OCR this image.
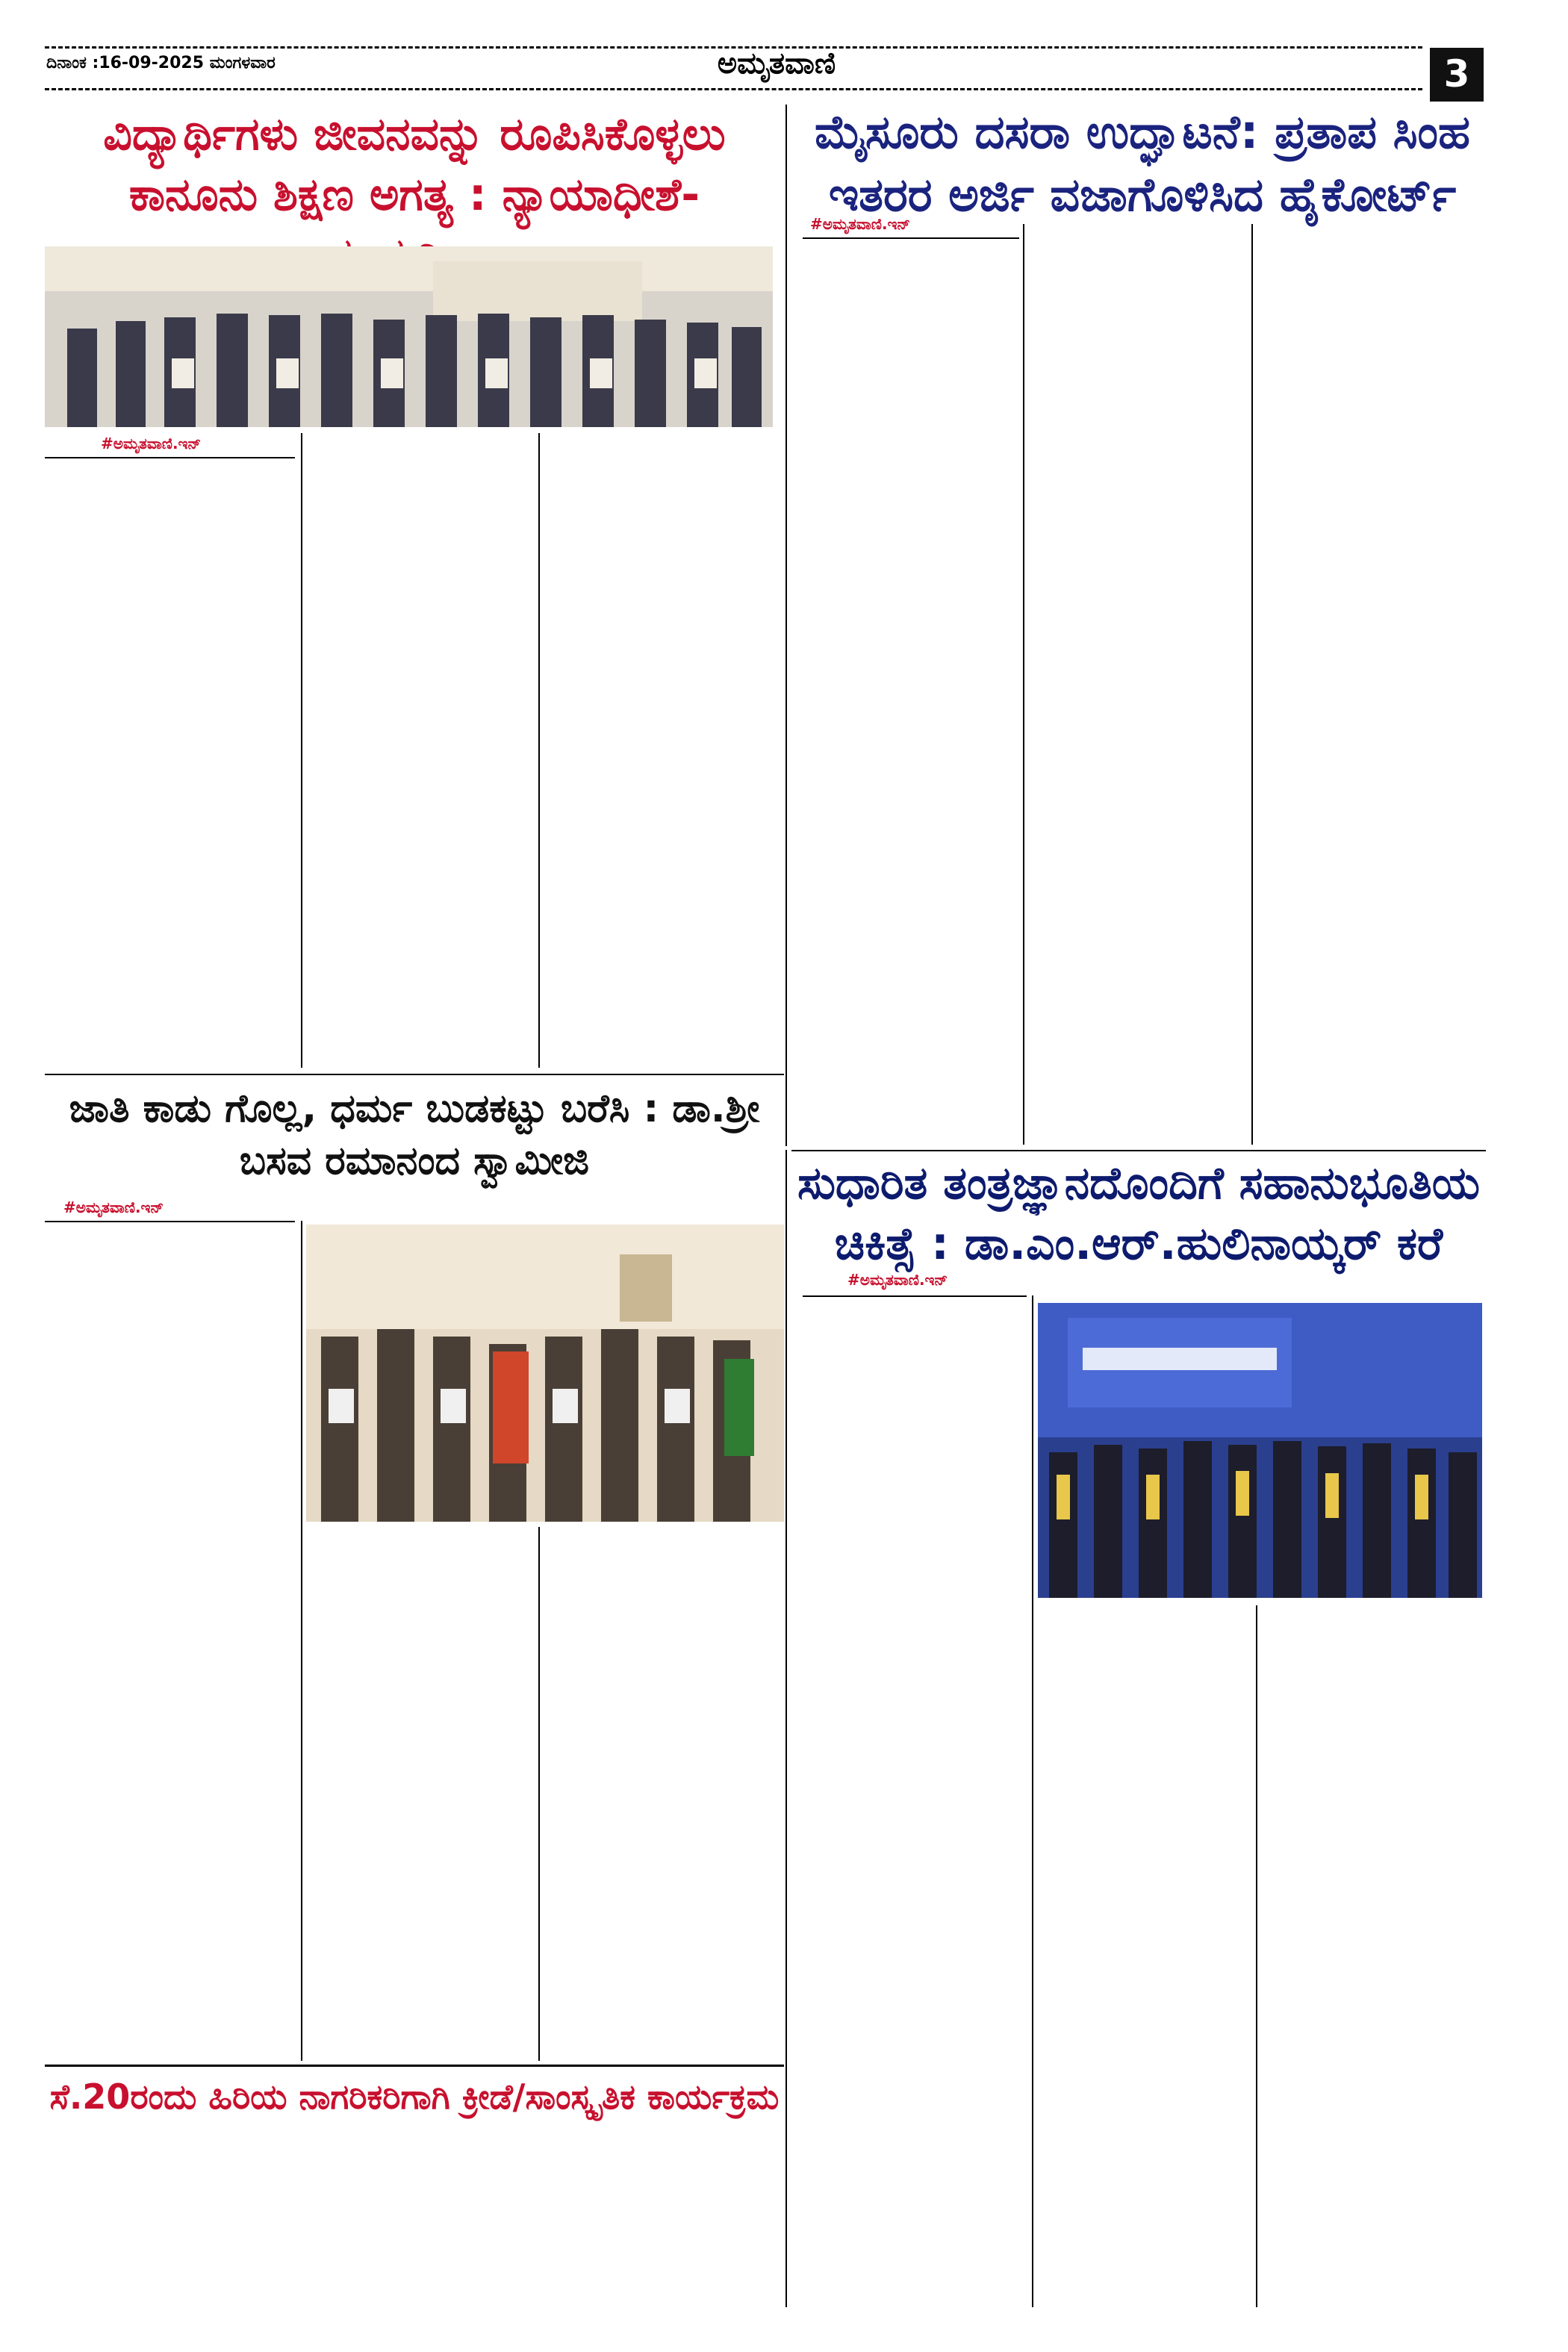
ದಿನಾಂಕ :16-09-2025 ಮಂಗಳವಾರ	ಅಮೃತವಾಣಿ	3
ವಿದ್ಯಾರ್ಥಿಗಳು ಜೀವನವನ್ನು ರೂಪಿಸಿಕೊಳ್ಳಲು ಕಾನೂನು ಶಿಕ್ಷಣ ಅಗತ್ಯ : ನ್ಯಾಯಾಧೀಶೆ-
#ಅಮೃತವಾಣಿ.ಇನ್
ಮೈಸೂರು ದಸರಾ ಉದ್ಘಾಟನೆ: ಪ್ರತಾಪ ಸಿಂಹ ಇತರರ ಅರ್ಜಿ ವಜಾಗೊಳಿಸಿದ ಹೈಕೋರ್ಟ್
#ಅಮೃತವಾಣಿ.ಇನ್
ಜಾತಿ ಕಾಡು ಗೊಲ್ಲ, ಧರ್ಮ ಬುಡಕಟ್ಟು ಬರೆಸಿ : ಡಾ.ಶ್ರೀ ಬಸವ ರಮಾನಂದ ಸ್ವಾಮೀಜಿ
#ಅಮೃತವಾಣಿ.ಇನ್
ಸೆ.20ರಂದು ಹಿರಿಯ ನಾಗರಿಕರಿಗಾಗಿ ಕ್ರೀಡೆ/ಸಾಂಸ್ಕೃತಿಕ ಕಾರ್ಯಕ್ರಮ
ಸುಧಾರಿತ ತಂತ್ರಜ್ಞಾನದೊಂದಿಗೆ ಸಹಾನುಭೂತಿಯ ಚಿಕಿತ್ಸೆ : ಡಾ.ಎಂ.ಆರ್.ಹುಲಿನಾಯ್ಕರ್ ಕರೆ
#ಅಮೃತವಾಣಿ.ಇನ್
